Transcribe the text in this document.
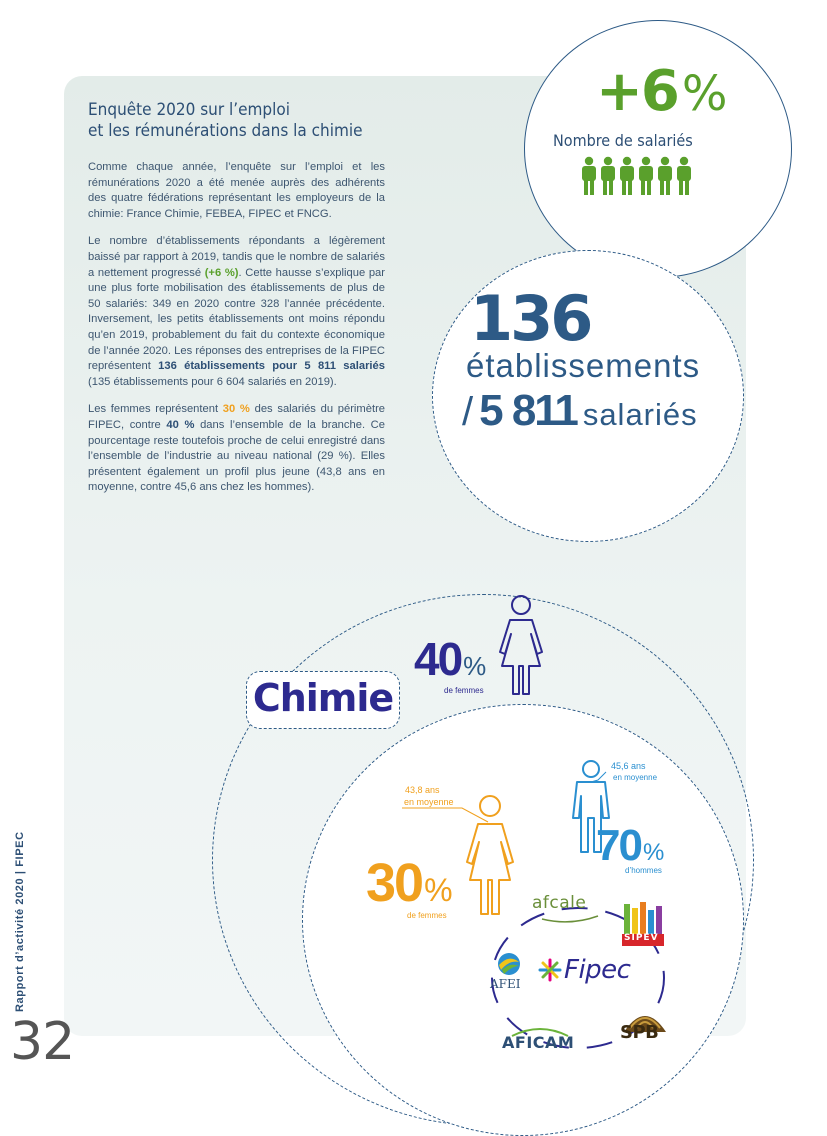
Enquête 2020 sur l’emploi
et les rémunérations dans la chimie

Comme chaque année, l’enquête sur l’emploi et les rémunérations 2020 a été menée auprès des adhérents des quatre fédérations représentant les employeurs de la chimie: France Chimie, FEBEA, FIPEC et FNCG.

Le nombre d’établissements répondants a légèrement baissé par rapport à 2019, tandis que le nombre de salariés a nettement progressé (+6 %). Cette hausse s’explique par une plus forte mobilisation des établissements de plus de 50 salariés: 349 en 2020 contre 328 l’année précédente. Inversement, les petits établissements ont moins répondu qu’en 2019, probablement du fait du contexte économique de l’année 2020. Les réponses des entreprises de la FIPEC représentent 136 établissements pour 5 811 salariés (135 établissements pour 6 604 salariés en 2019).

Les femmes représentent 30 % des salariés du périmètre FIPEC, contre 40 % dans l’ensemble de la branche. Ce pourcentage reste toutefois proche de celui enregistré dans l’ensemble de l’industrie au niveau national (29 %). Elles présentent également un profil plus jeune (43,8 ans en moyenne, contre 45,6 ans chez les hommes).

+6%
Nombre de salariés
136
établissements
/ 5 811 salariés
Chimie
40%
de femmes
45,6 ans
en moyenne
70%
d’hommes
43,8 ans
en moyenne
30%
de femmes
afcale
SIPEV
AFEI Fipec
SPB
AFICAM
Rapport d’activité 2020 | FIPEC
32
